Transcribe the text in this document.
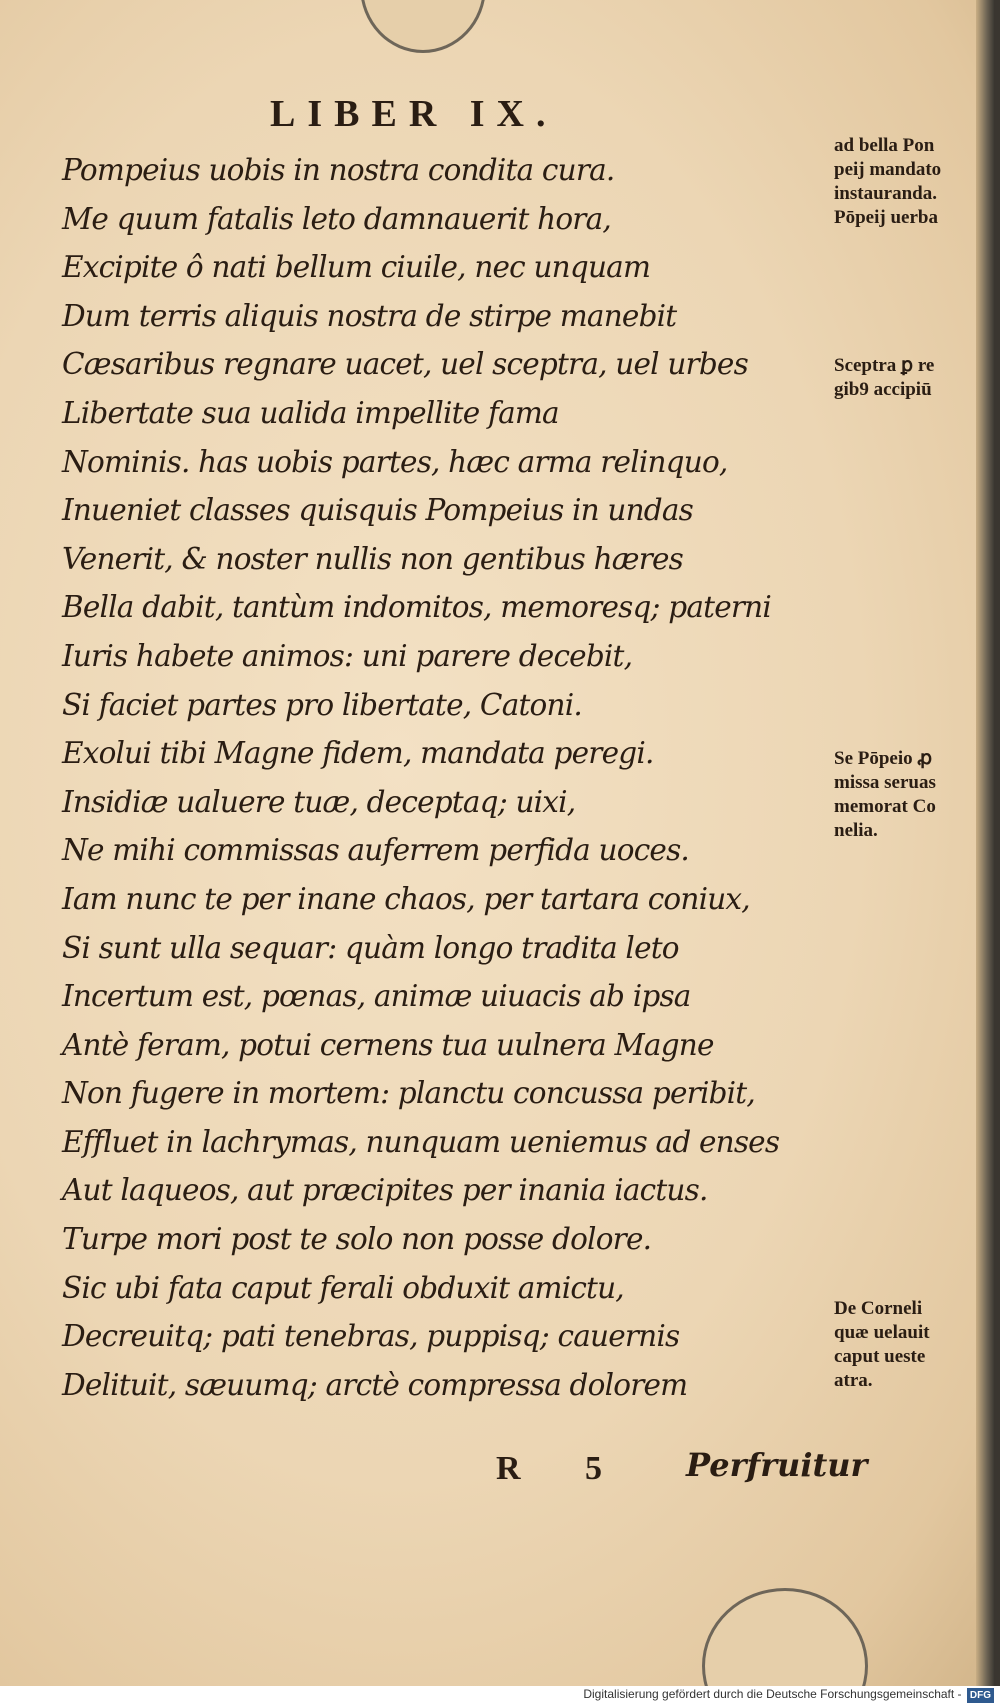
LIBER IX.
Pompeius uobis in nostra condita cura.
Me quum fatalis leto damnauerit hora,
Excipite ô nati bellum ciuile, nec unquam
Dum terris aliquis nostra de stirpe manebit
Cæsaribus regnare uacet, uel sceptra, uel urbes
Libertate sua ualida impellite fama
Nominis. has uobis partes, hæc arma relinquo,
Inueniet classes quisquis Pompeius in undas
Venerit, & noster nullis non gentibus hæres
Bella dabit, tantùm indomitos, memoresq; paterni
Iuris habete animos: uni parere decebit,
Si faciet partes pro libertate, Catoni.
Exolui tibi Magne fidem, mandata peregi.
Insidiæ ualuere tuæ, deceptaq; uixi,
Ne mihi commissas auferrem perfida uoces.
Iam nunc te per inane chaos, per tartara coniux,
Si sunt ulla sequar: quàm longo tradita leto
Incertum est, pœnas, animæ uiuacis ab ipsa
Antè feram, potui cernens tua uulnera Magne
Non fugere in mortem: planctu concussa peribit,
Effluet in lachrymas, nunquam ueniemus ad enses
Aut laqueos, aut præcipites per inania iactus.
Turpe mori post te solo non posse dolore.
Sic ubi fata caput ferali obduxit amictu,
Decreuitq; pati tenebras, puppisq; cauernis
Delituit, sæuumq; arctè compressa dolorem
ad bella Pon
peij mandato
instauranda.
Pōpeij uerba
Sceptra ꝑ re
gib9 accipiū
Se Pōpeio ꝓ
missa seruas
memorat Co
nelia.
De Corneli
quæ uelauit
caput ueste
atra.
R 5 Perfruitur
Digitalisierung gefördert durch die Deutsche Forschungsgemeinschaft - DFG
